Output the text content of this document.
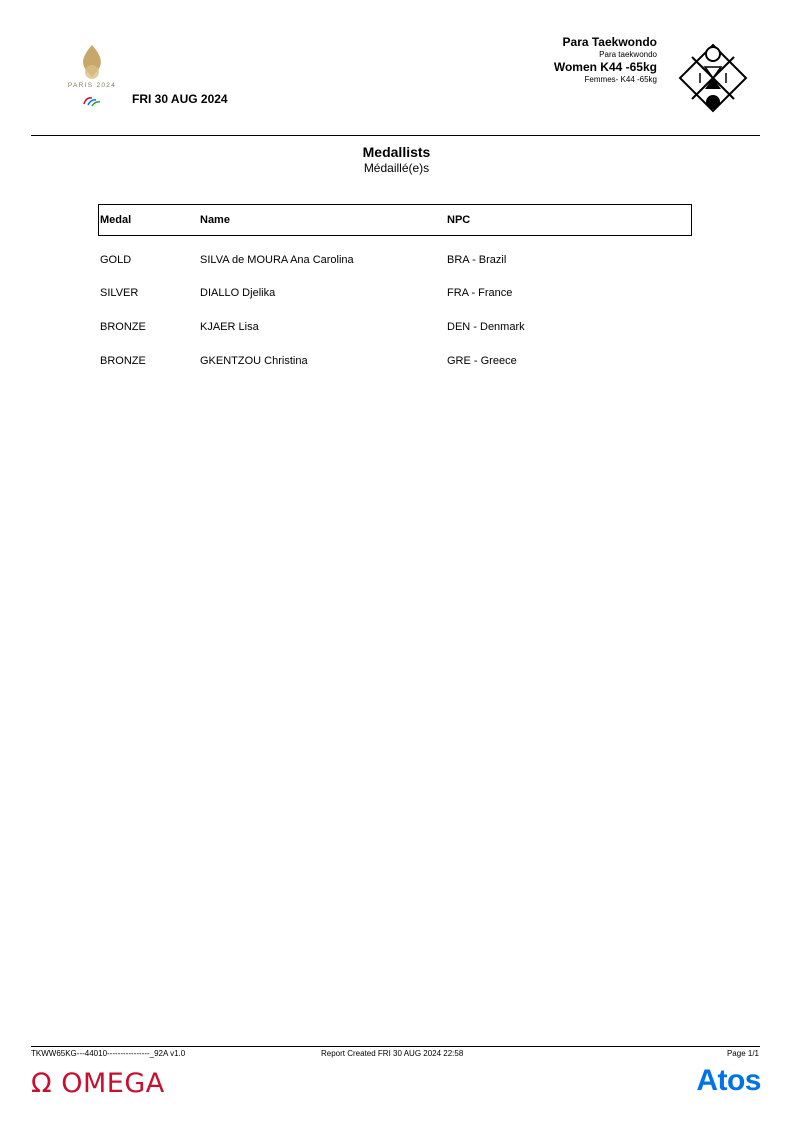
PARIS 2024
FRI 30 AUG 2024
Para Taekwondo
Para taekwondo
Women K44 -65kg
Femmes- K44 -65kg
Medallists
Médaillé(e)s
Medal	Name	NPC
GOLD	SILVA de MOURA Ana Carolina	BRA - Brazil
SILVER	DIALLO Djelika	FRA - France
BRONZE	KJAER Lisa	DEN - Denmark
BRONZE	GKENTZOU Christina	GRE - Greece
TKWW65KG---44010----------------_92A v1.0	Report Created FRI 30 AUG 2024 22:58	Page 1/1
Ω OMEGA	Atos
